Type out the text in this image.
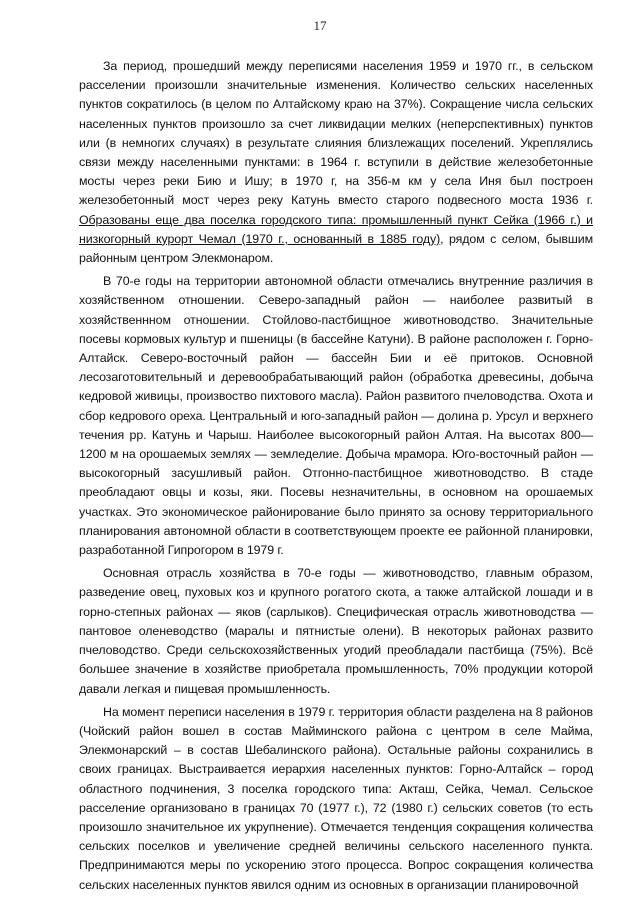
17

За период, прошедший между переписями населения 1959 и 1970 гг., в сельском расселении произошли значительные изменения. Количество сельских населенных пунктов сократилось (в целом по Алтайскому краю на 37%). Сокращение числа сельских населенных пунктов произошло за счет ликвидации мелких (неперспективных) пунктов или (в немногих случаях) в результате слияния близлежащих поселений. Укреплялись связи между населенными пунктами: в 1964 г. вступили в действие железобетонные мосты через реки Бию и Ишу; в 1970 г, на 356-м км у села Иня был построен железобетонный мост через реку Катунь вместо старого подвесного моста 1936 г. Образованы еще два поселка городского типа: промышленный пункт Сейка (1966 г.) и низкогорный курорт Чемал (1970 г., основанный в 1885 году), рядом с селом, бывшим районным центром Элекмонаром.

В 70-е годы на территории автономной области отмечались внутренние различия в хозяйственном отношении. Северо-западный район — наиболее развитый в хозяйственнном отношении. Стойлово-пастбищное животноводство. Значительные посевы кормовых культур и пшеницы (в бассейне Катуни). В районе расположен г. Горно-Алтайск. Северо-восточный район — бассейн Бии и её притоков. Основной лесозаготовительный и деревообрабатывающий район (обработка древесины, добыча кедровой живицы, произвоство пихтового масла). Район развитого пчеловодства. Охота и сбор кедрового ореха. Центральный и юго-западный район — долина р. Урсул и верхнего течения рр. Катунь и Чарыш. Наиболее высокогорный район Алтая. На высотах 800—1200 м на орошаемых землях — земледелие. Добыча мрамора. Юго-восточный район — высокогорный засушливый район. Отгонно-пастбищное животноводство. В стаде преобладают овцы и козы, яки. Посевы незначительны, в основном на орошаемых участках. Это экономическое районирование было принято за основу территориального планирования автономной области в соответствующем проекте ее районной планировки, разработанной Гипрогором в 1979 г.

Основная отрасль хозяйства в 70-е годы — животноводство, главным образом, разведение овец, пуховых коз и крупного рогатого скота, а также алтайской лошади и в горно-степных районах — яков (сарлыков). Специфическая отрасль животноводства — пантовое оленеводство (маралы и пятнистые олени). В некоторых районах развито пчеловодство. Среди сельскохозяйственных угодий преобладали пастбища (75%). Всё большее значение в хозяйстве приобретала промышленность, 70% продукции которой давали легкая и пищевая промышленность.

На момент переписи населения в 1979 г. территория области разделена на 8 районов (Чойский район вошел в состав Майминского района с центром в селе Майма, Элекмонарский – в состав Шебалинского района). Остальные районы сохранились в своих границах. Выстраивается иерархия населенных пунктов: Горно-Алтайск – город областного подчинения, 3 поселка городского типа: Акташ, Сейка, Чемал. Сельское расселение организовано в границах 70 (1977 г.), 72 (1980 г.) сельских советов (то есть произошло значительное их укрупнение). Отмечается тенденция сокращения количества сельских поселков и увеличение средней величины сельского населенного пункта. Предпринимаются меры по ускорению этого процесса. Вопрос сокращения количества сельских населенных пунктов явился одним из основных в организации планировочной
